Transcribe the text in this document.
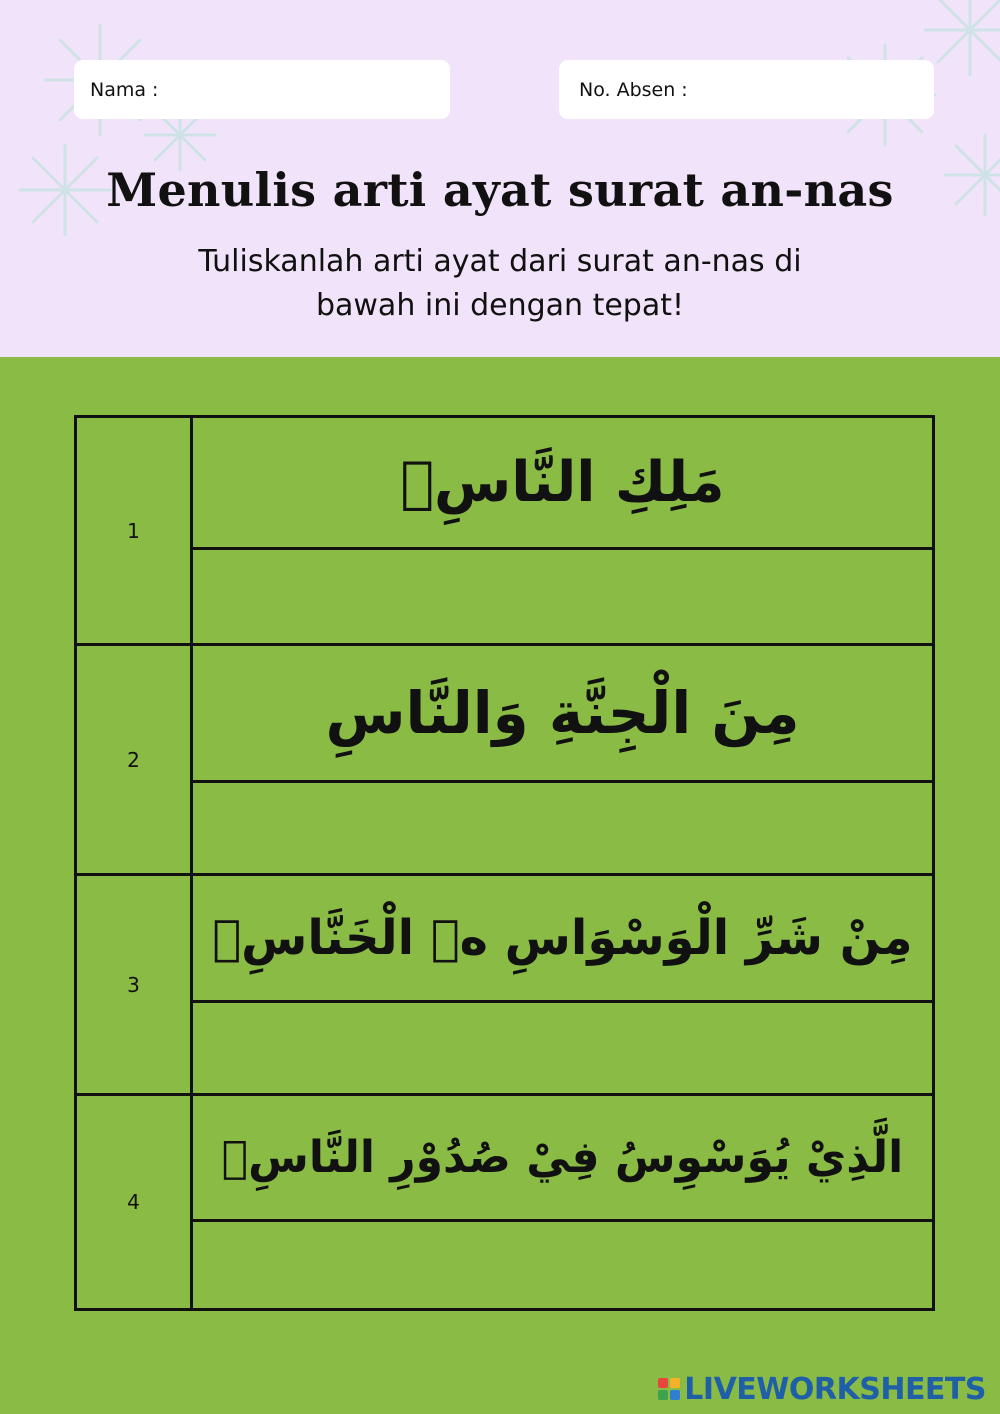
Nama :	No. Absen :
Menulis arti ayat surat an-nas
Tuliskanlah arti ayat dari surat an-nas di bawah ini dengan tepat!
1
مَلِكِ النَّاسِۙ
2
مِنَ الْجِنَّةِ وَالنَّاسِ
3
مِنْ شَرِّ الْوَسْوَاسِ ەۙ الْخَنَّاسِۖ
4
الَّذِيْ يُوَسْوِسُ فِيْ صُدُوْرِ النَّاسِۙ
LIVEWORKSHEETS
